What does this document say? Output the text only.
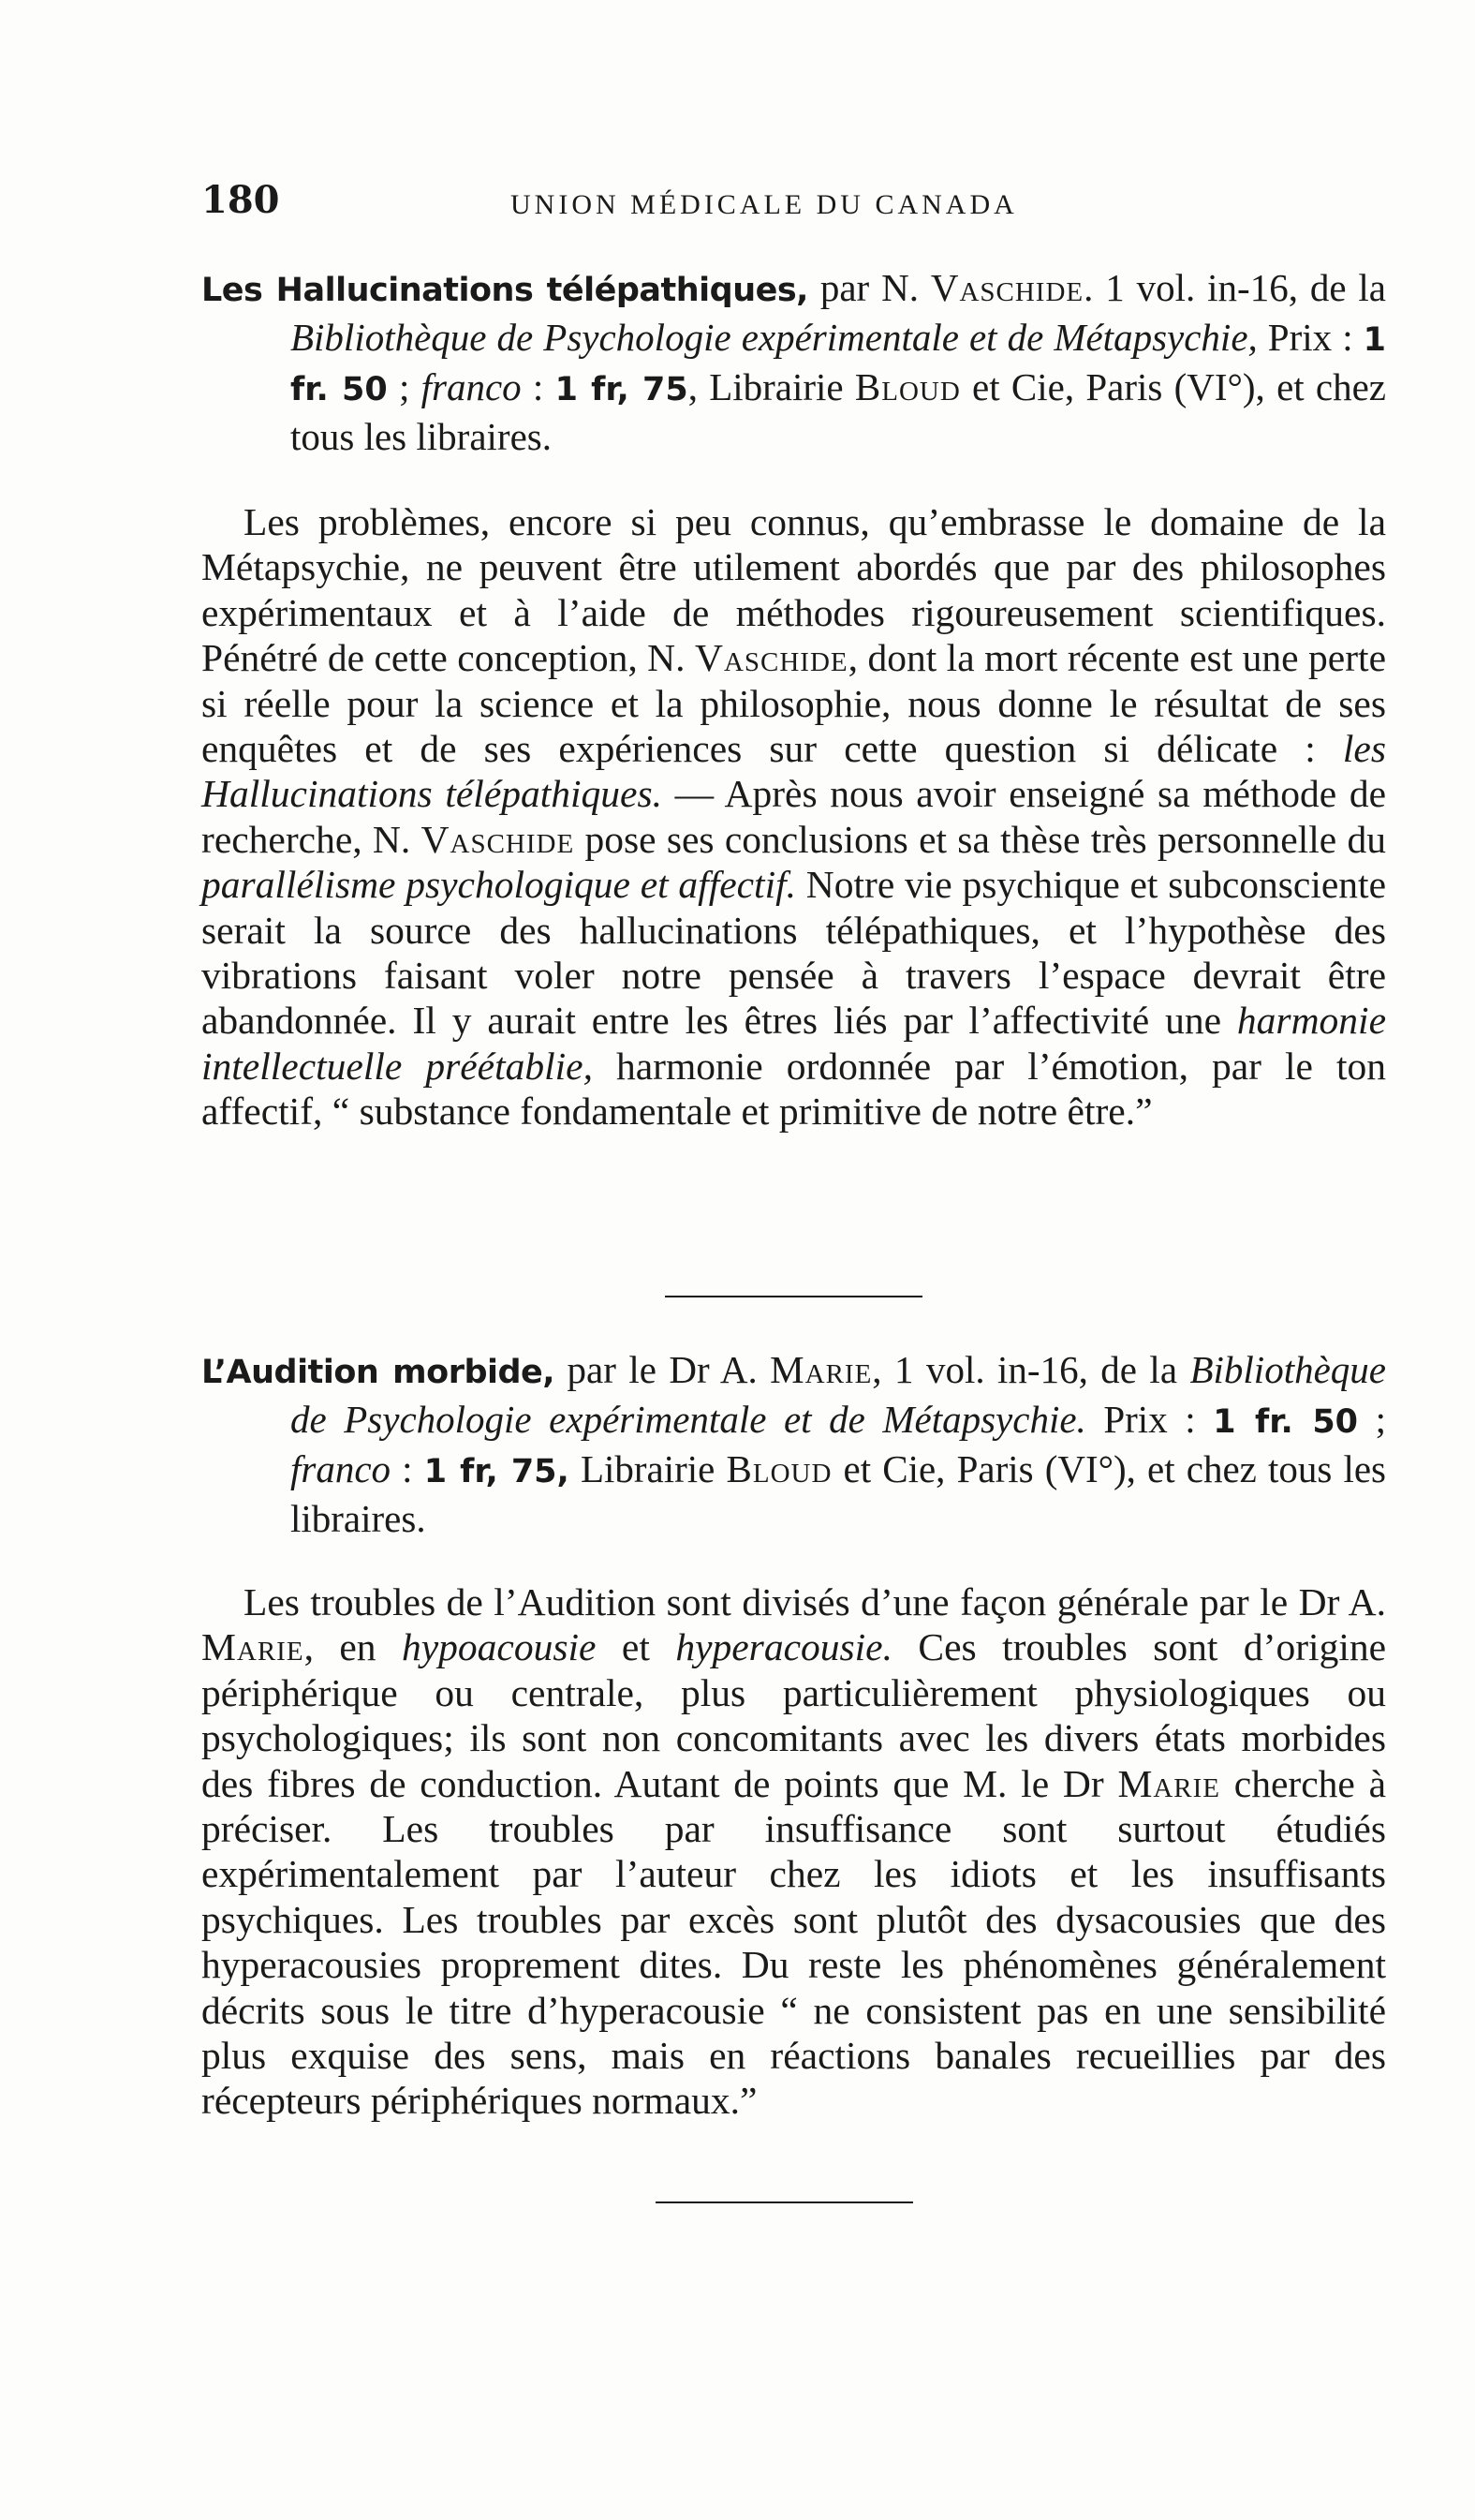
180	UNION MÉDICALE DU CANADA
Les Hallucinations télépathiques, par N. Vaschide. 1 vol. in-16, de la Bibliothèque de Psychologie expérimentale et de Métapsychie, Prix : 1 fr. 50 ; franco : 1 fr, 75, Librairie Bloud et Cie, Paris (VI°), et chez tous les libraires.

Les problèmes, encore si peu connus, qu’embrasse le domaine de la Métapsychie, ne peuvent être utilement abordés que par des philosophes expérimentaux et à l’aide de méthodes rigoureusement scientifiques. Pénétré de cette conception, N. Vaschide, dont la mort récente est une perte si réelle pour la science et la philosophie, nous donne le résultat de ses enquêtes et de ses expériences sur cette question si délicate : les Hallucinations télépathiques. — Après nous avoir enseigné sa méthode de recherche, N. Vaschide pose ses conclusions et sa thèse très personnelle du parallélisme psychologique et affectif. Notre vie psychique et subconsciente serait la source des hallucinations télépathiques, et l’hypothèse des vibrations faisant voler notre pensée à travers l’espace devrait être abandonnée. Il y aurait entre les êtres liés par l’affectivité une harmonie intellectuelle préétablie, harmonie ordonnée par l’émotion, par le ton affectif, “ substance fondamentale et primitive de notre être.”

L’Audition morbide, par le Dr A. Marie, 1 vol. in-16, de la Bibliothèque de Psychologie expérimentale et de Métapsychie. Prix : 1 fr. 50 ; franco : 1 fr, 75, Librairie Bloud et Cie, Paris (VI°), et chez tous les libraires.

Les troubles de l’Audition sont divisés d’une façon générale par le Dr A. Marie, en hypoacousie et hyperacousie. Ces troubles sont d’origine périphérique ou centrale, plus particulièrement physiologiques ou psychologiques; ils sont non concomitants avec les divers états morbides des fibres de conduction. Autant de points que M. le Dr Marie cherche à préciser. Les troubles par insuffisance sont surtout étudiés expérimentalement par l’auteur chez les idiots et les insuffisants psychiques. Les troubles par excès sont plutôt des dysacousies que des hyperacousies proprement dites. Du reste les phénomènes généralement décrits sous le titre d’hyperacousie “ ne consistent pas en une sensibilité plus exquise des sens, mais en réactions banales recueillies par des récepteurs périphériques normaux.”
